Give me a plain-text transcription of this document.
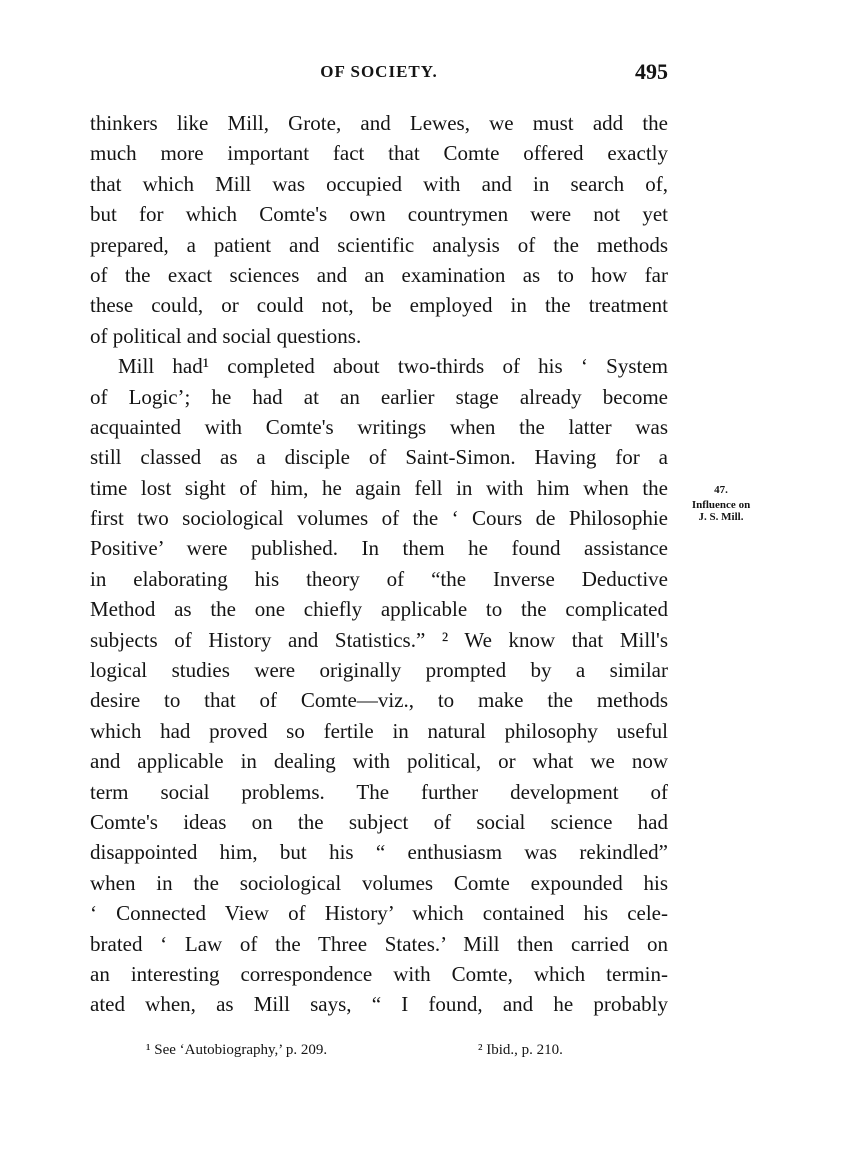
OF SOCIETY.	495
thinkers like Mill, Grote, and Lewes, we must add the
much more important fact that Comte offered exactly
that which Mill was occupied with and in search of,
but for which Comte's own countrymen were not yet
prepared, a patient and scientific analysis of the methods
of the exact sciences and an examination as to how far
these could, or could not, be employed in the treatment
of political and social questions.
Mill had¹ completed about two-thirds of his ‘ System
of Logic’; he had at an earlier stage already become
acquainted with Comte's writings when the latter was
still classed as a disciple of Saint-Simon. Having for a
time lost sight of him, he again fell in with him when the
first two sociological volumes of the ‘ Cours de Philosophie
Positive’ were published. In them he found assistance
in elaborating his theory of “the Inverse Deductive
Method as the one chiefly applicable to the complicated
subjects of History and Statistics.” ² We know that Mill's
logical studies were originally prompted by a similar
desire to that of Comte—viz., to make the methods
which had proved so fertile in natural philosophy useful
and applicable in dealing with political, or what we now
term social problems. The further development of
Comte's ideas on the subject of social science had
disappointed him, but his “ enthusiasm was rekindled”
when in the sociological volumes Comte expounded his
‘ Connected View of History’ which contained his cele-
brated ‘ Law of the Three States.’ Mill then carried on
an interesting correspondence with Comte, which termin-
ated when, as Mill says, “ I found, and he probably
47.
Influence on
J. S. Mill.
¹ See ‘Autobiography,’ p. 209.	² Ibid., p. 210.
